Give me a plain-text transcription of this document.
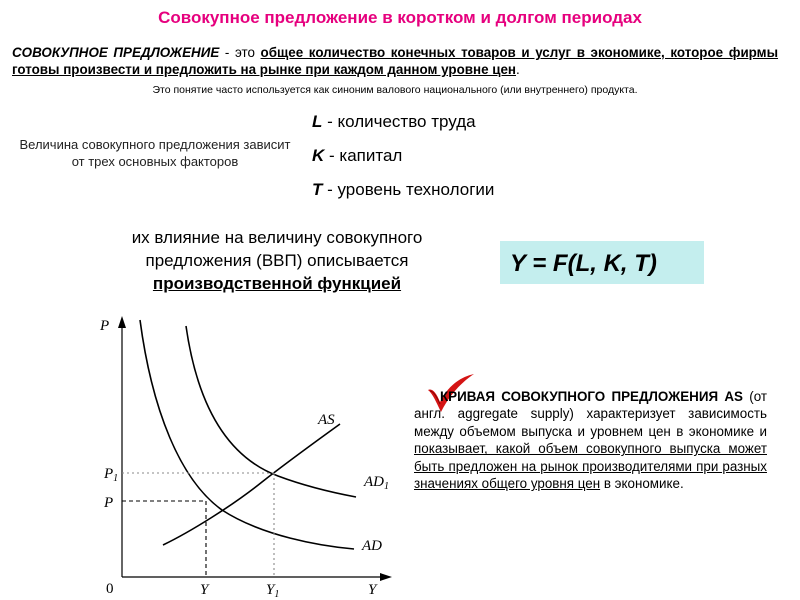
Совокупное предложение в коротком и долгом периодах
СОВОКУПНОЕ ПРЕДЛОЖЕНИЕ - это общее количество конечных товаров и услуг в экономике, которое фирмы готовы произвести и предложить на рынке при каждом данном уровне цен.
Это понятие часто используется как синоним валового национального (или внутреннего) продукта.
Величина совокупного предложения зависит от трех основных факторов
L - количество труда
K - капитал
T - уровень технологии
их влияние на величину совокупного
предложения (ВВП) описывается
производственной функцией
Y = F(L, K, T)
P
Y
0
P
$P_1$
Y	$Y_1$
AS
$AD_1$
AD
КРИВАЯ СОВОКУПНОГО ПРЕДЛОЖЕНИЯ AS (от англ. aggregate supply) характеризует зависимость между объемом выпуска и уровнем цен в экономике и показывает, какой объем совокупного выпуска может быть предложен на рынок производителями при разных значениях общего уровня цен в экономике.
